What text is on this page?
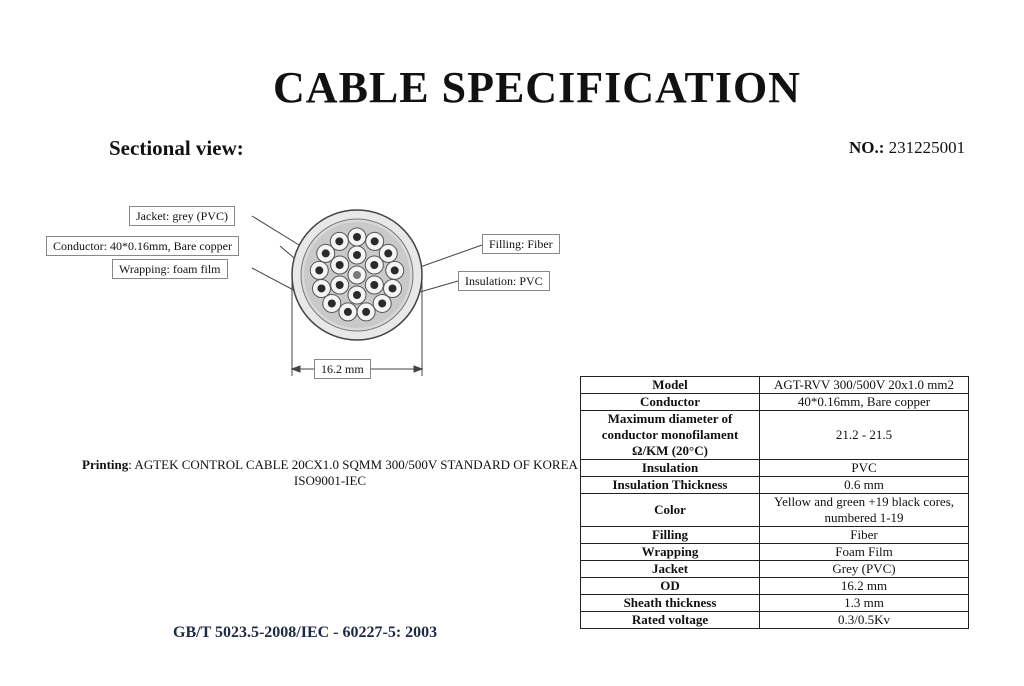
CABLE SPECIFICATION
Sectional view:	NO.: 231225001
Jacket: grey (PVC)
Conductor: 40*0.16mm, Bare copper
Wrapping: foam film
Filling: Fiber
Insulation: PVC
16.2 mm
Printing: AGTEK CONTROL CABLE 20CX1.0 SQMM 300/500V STANDARD OF KOREA
ISO9001-IEC
GB/T 5023.5-2008/IEC - 60227-5: 2003
Model	AGT-RVV 300/500V 20x1.0 mm2
Conductor	40*0.16mm, Bare copper
Maximum diameter of conductor monofilament Ω/KM (20°C)	21.2 - 21.5
Insulation	PVC
Insulation Thickness	0.6 mm
Color	Yellow and green +19 black cores, numbered 1-19
Filling	Fiber
Wrapping	Foam Film
Jacket	Grey (PVC)
OD	16.2 mm
Sheath thickness	1.3 mm
Rated voltage	0.3/0.5Kv
